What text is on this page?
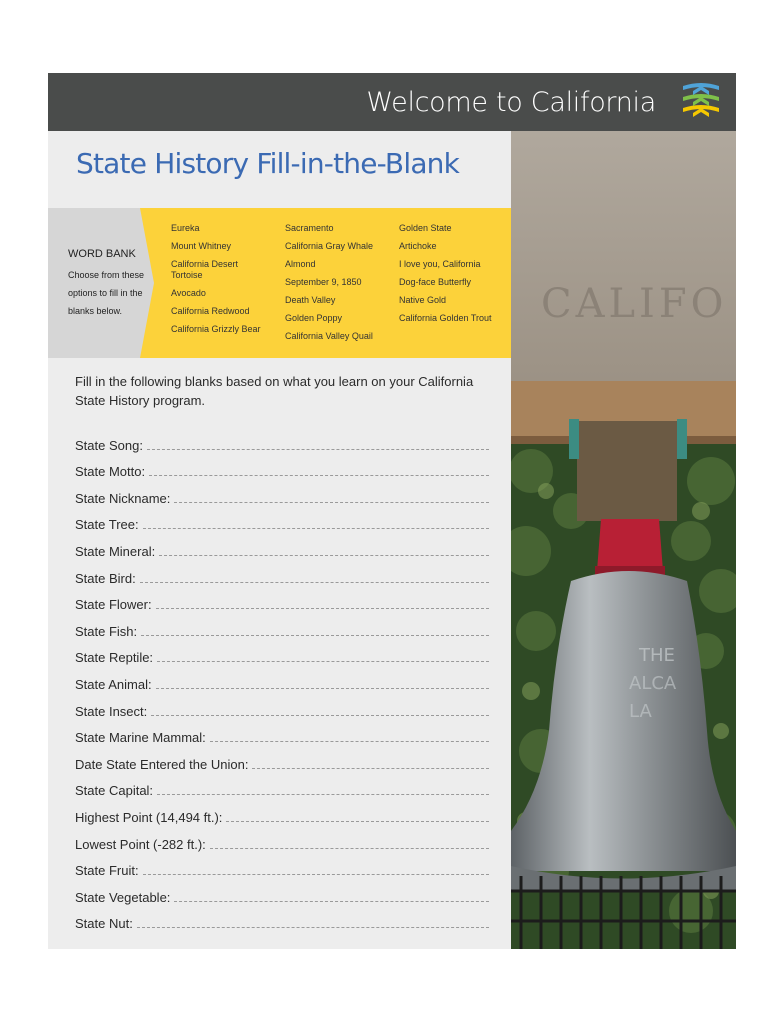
Welcome to California
State History Fill-in-the-Blank
WORD BANK
Choose from these options to fill in the blanks below.
Eureka
Mount Whitney
California Desert Tortoise
Avocado
California Redwood
California Grizzly Bear
Sacramento
California Gray Whale
Almond
September 9, 1850
Death Valley
Golden Poppy
California Valley Quail
Golden State
Artichoke
I love you, California
Dog-face Butterfly
Native Gold
California Golden Trout	CALIFO
THE
ALCA
LA
Fill in the following blanks based on what you learn on your California State History program.
State Song:
State Motto:
State Nickname:
State Tree:
State Mineral:
State Bird:
State Flower:
State Fish:
State Reptile:
State Animal:
State Insect:
State Marine Mammal:
Date State Entered the Union:
State Capital:
Highest Point (14,494 ft.):
Lowest Point (-282 ft.):
State Fruit:
State Vegetable:
State Nut:
